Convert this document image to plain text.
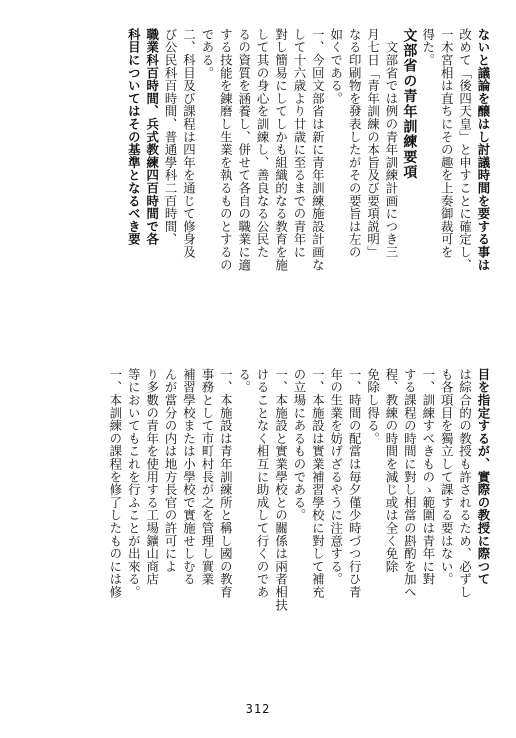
ないと議論を醸はし討議時間を要する事は

改めて「後四天皇」と申すことに確定し、

一木宮相は直ちにその趣を上奏御裁可を

得た。

文部省の青年訓練要項

　文部省では例の青年訓練計画につき三

月七日「青年訓練の本旨及び要項説明」

なる印刷物を發表したがその要旨は左の

如くである。

一、今回文部省は新に青年訓練施設計画な

して十六歳より廿歳に至るまでの青年に

對し簡易にしてしかも組織的なる教育を施

して其の身心を訓練し、善良なる公民た

るの資質を涵養し、併せて各自の職業に適

する技能を錬磨し生業を執るものとするの

である。

二、科目及び課程は四年を通じて修身及

び公民科百時間、普通學科二百時間、

職業科百時間、兵式教練四百時間で各

科目についてはその基準となるべき要

目を指定するが、實際の教授に際つて

は綜合的の教授も許されるため、必ずし

も各項目を獨立して課する要はない。

一、訓練すべきものゝ範圍は青年に對

する課程の時間に對し相當の斟酌を加へ

程、教練の時間を減じ或は全く免除

免除し得る。

一、時間の配當は毎夕僅少時づつ行ひ青

年の生業を妨げざるやうに注意する。

一、本施設は實業補習學校に對して補充

の立場にあるものである。

一、本施設と實業學校との關係は兩者相扶

けることなく相互に助成して行くのであ

る。

一、本施設は青年訓練所と稱し國の教育

事務として市町村長が之を管理し實業

補習學校または小學校で實施せしむる

んが當分の内は地方長官の許可によ

り多數の青年を使用する工場鑛山商店

等においてもこれを行ふことが出來る。

一、本訓練の課程を修了したものには修

312
